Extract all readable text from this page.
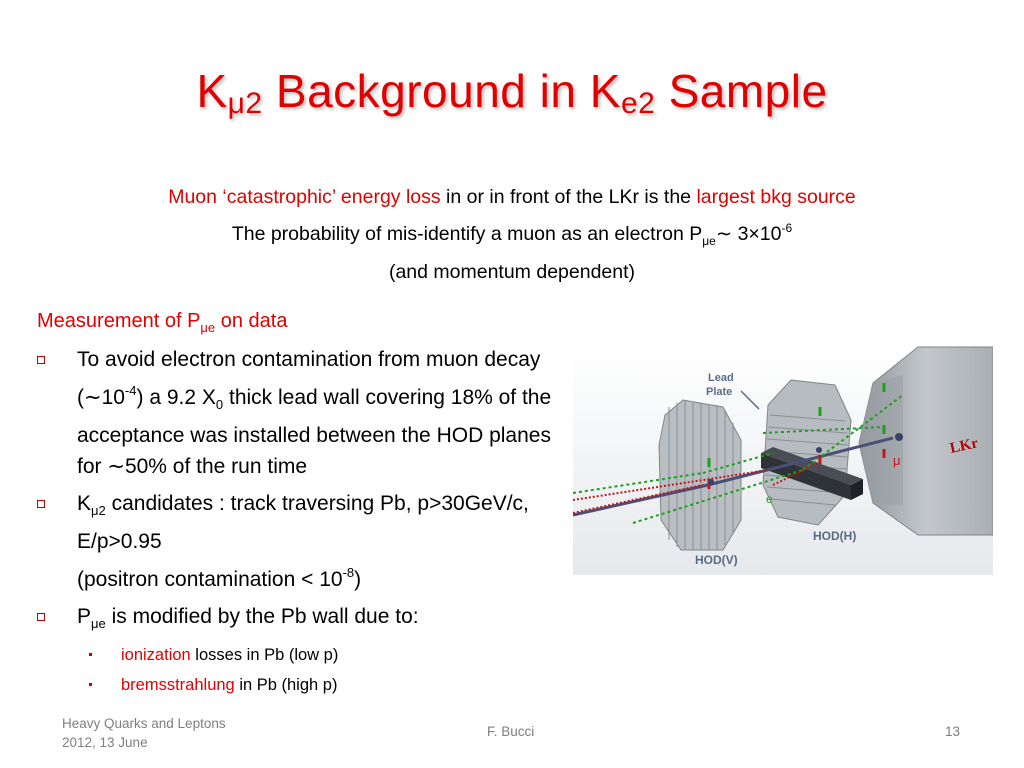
$K_{\mu 2}$ Background in $K_{e2}$ Sample
Muon ‘catastrophic’ energy loss in or in front of the LKr is the largest bkg source
The probability of mis-identify a muon as an electron $P_{\mu e}\sim$ $3\times 10^{-6}$
(and momentum dependent)
Measurement of $P_{\mu e}$ on data
To avoid electron contamination from muon decay $(\sim 10^{-4})$ a 9.2 $X_0$ thick lead wall covering 18% of the acceptance was installed between the HOD planes for ∼50% of the run time
$K_{\mu 2}$ candidates : track traversing Pb, p>30GeV/c, E/p>0.95
(positron contamination < $10^{-8}$)
$P_{\mu e}$ is modified by the Pb wall due to:
ionization losses in Pb (low p)
bremsstrahlung in Pb (high p)
LKr
Lead
Plate
μ
e
HOD(H)
HOD(V)
Heavy Quarks and Leptons
2012, 13 June
F. Bucci	13
